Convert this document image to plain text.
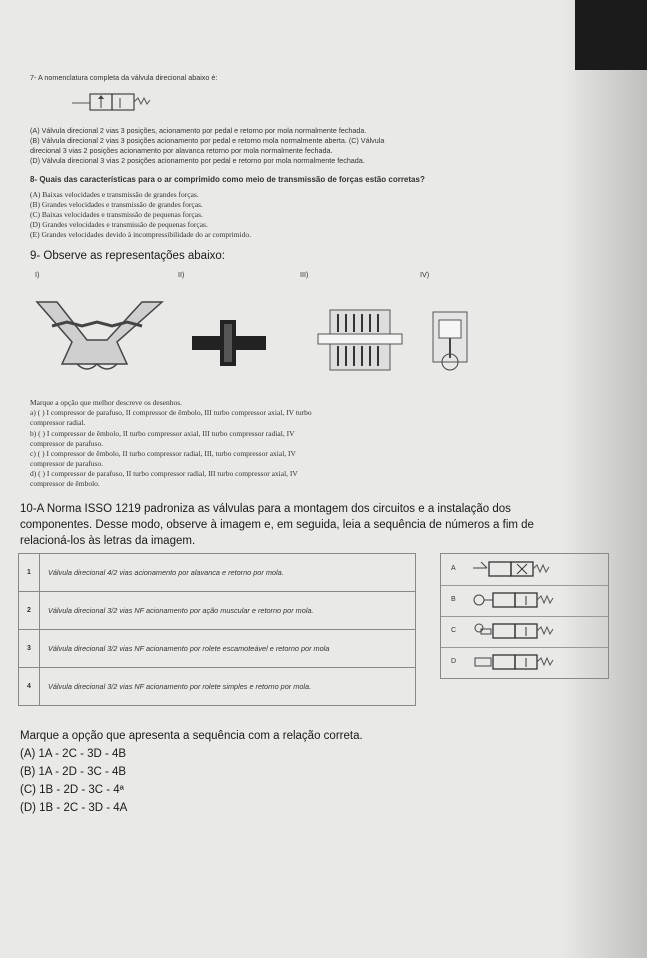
7- A nomenclatura completa da válvula direcional abaixo é:
(A) Válvula direcional 2 vias 3 posições, acionamento por pedal e retorno por mola normalmente fechada.
(B) Válvula direcional 2 vias 3 posições acionamento por pedal e retorno mola normalmente aberta. (C) Válvula
direcional 3 vias 2 posições acionamento por alavanca retorno por mola normalmente fechada.
(D) Válvula direcional 3 vias 2 posições acionamento por pedal e retorno por mola normalmente fechada.
8- Quais das características para o ar comprimido como meio de transmissão de forças estão corretas?
(A) Baixas velocidades e transmissão de grandes forças.
(B) Grandes velocidades e transmissão de grandes forças.
(C) Baixas velocidades e transmissão de pequenas forças.
(D) Grandes velocidades e transmissão de pequenas forças.
(E) Grandes velocidades devido à incompressibilidade do ar comprimido.
9- Observe as representações abaixo:
I)	II)	III)	IV)
Marque a opção que melhor descreve os desenhos.
a) ( ) I compressor de parafuso, II compressor de êmbolo, III turbo compressor axial, IV turbo
compressor radial.
b) ( ) I compressor de êmbolo, II turbo compressor axial, III turbo compressor radial, IV
compressor de parafuso.
c) ( ) I compressor de êmbolo, II turbo compressor radial, III, turbo compressor axial, IV
compressor de parafuso.
d) ( ) I compressor de parafuso, II turbo compressor radial, III turbo compressor axial, IV
compressor de êmbolo.
10-A Norma ISSO 1219 padroniza as válvulas para a montagem dos circuitos e a instalação dos
componentes. Desse modo, observe à imagem e, em seguida, leia a sequência de números a fim de
relacioná-los às letras da imagem.
1	Válvula direcional 4/2 vias acionamento por alavanca e retorno por mola.
2	Válvula direcional 3/2 vias NF acionamento por ação muscular e retorno por mola.
3	Válvula direcional 3/2 vias NF acionamento por rolete escamoteável e retorno por mola
4	Válvula direcional 3/2 vias NF acionamento por rolete simples e retorno por mola.
A
B
C
D
Marque a opção que apresenta a sequência com a relação correta.
(A) 1A - 2C - 3D - 4B
(B) 1A - 2D - 3C - 4B
(C) 1B - 2D - 3C - 4ª
(D) 1B - 2C - 3D - 4A
